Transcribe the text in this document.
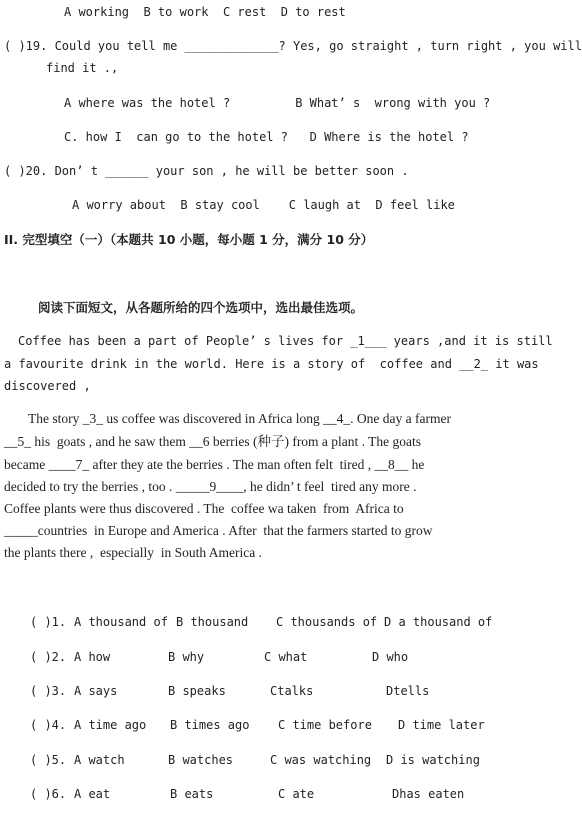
A working  B to work  C rest  D to rest
( )19. Could you tell me _____________? Yes, go straight , turn right , you will
find it .,
A where was the hotel ?         B What’ s  wrong with you ?
C. how I  can go to the hotel ?   D Where is the hotel ?
( )20. Don’ t ______ your son , he will be better soon .
A worry about  B stay cool    C laugh at  D feel like
II. 完型填空（一）（本题共 10 小题，每小题 1 分，满分 10 分）
阅读下面短文，从各题所给的四个选项中，选出最佳选项。
Coffee has been a part of People’ s lives for _1___ years ,and it is still
a favourite drink in the world. Here is a story of  coffee and __2_ it was
discovered ,
The story _3_ us coffee was discovered in Africa long __4_. One day a farmer
__5_ his  goats , and he saw them __6 berries (种子) from a plant . The goats
became ____7_ after they ate the berries . The man often felt  tired , __8__ he
decided to try the berries , too . _____9____, he didn’ t feel  tired any more .
Coffee plants were thus discovered . The  coffee wa taken  from  Africa to
_____countries  in Europe and America . After  that the farmers started to grow
the plants there ,  especially  in South America .
( )1. A thousand of B thousand C thousands of D a thousand of
( )2. A how	B why	C what	D who
( )3. A says	B speaks	Ctalks	Dtells
( )4. A time ago B times ago C time before D time later
( )5. A watch	B watches	C was watching D is watching
( )6. A eat	B eats	C ate	Dhas eaten
